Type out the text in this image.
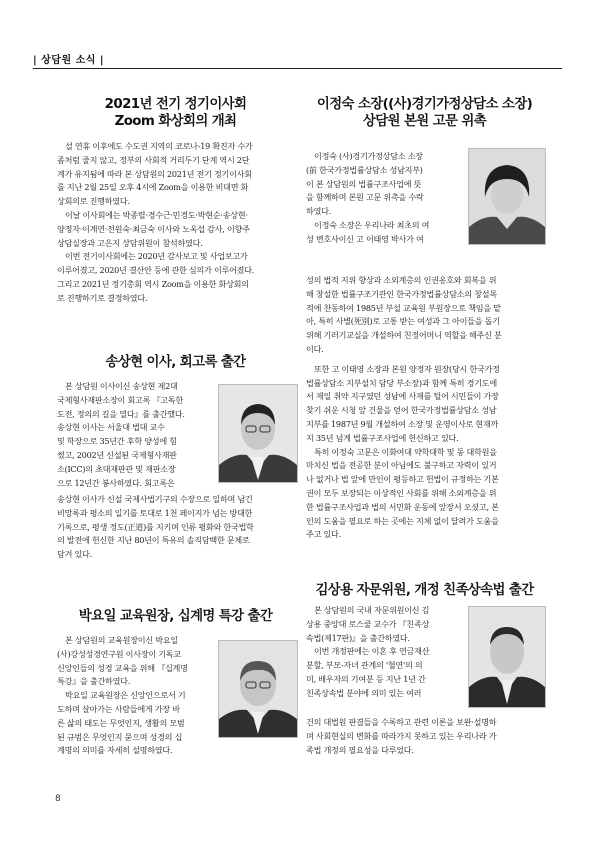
| 상담원 소식 |
2021년 전기 정기이사회
Zoom 화상회의 개최
설 연휴 이후에도 수도권 지역의 코로나-19 확진자 수가
좀처럼 줄지 않고, 정부의 사회적 거리두기 단계 역시 2단
계가 유지됨에 따라 본 상담원의 2021년 전기 정기이사회
를 지난 2월 25일 오후 4시에 Zoom을 이용한 비대면 화
상회의로 진행하였다.
이날 이사회에는 박종렬·경수근·민경도·박현순·송상현·
양정자·이계연·전원숙·최금숙 이사와 노옥섭 감사, 이향주
상담실장과 고은지 상담위원이 참석하였다.
이번 전기이사회에는 2020년 감사보고 및 사업보고가
이루어졌고, 2020년 결산안 등에 관한 심의가 이루어졌다.
그리고 2021년 정기총회 역시 Zoom을 이용한 화상회의
로 진행하기로 결정하였다.
송상현 이사, 회고록 출간
본 상담원 이사이신 송상현 제2대
국제형사재판소장이 회고록 『고독한
도전, 정의의 길을 열다』를 출간했다.
송상현 이사는 서울대 법대 교수
및 학장으로 35년간 후학 양성에 힘
썼고, 2002년 신설된 국제형사재판
소(ICC)의 초대재판관 및 재판소장
으로 12년간 봉사하였다. 회고록은
송상현 이사가 신설 국제사법기구의 수장으로 일하며 남긴
비망록과 평소의 일기를 토대로 1천 페이지가 넘는 방대한
기록으로, 평생 정도(正道)를 지키며 인류 평화와 한국법학
의 발전에 헌신한 지난 80년이 특유의 솔직담백한 문체로
담겨 있다.
박요일 교육원장, 십계명 특강 출간
본 상담원의 교육원장이신 박요일
(사)강성성경연구원 이사장이 기독교
신앙인들의 성경 교육을 위해 『십계명
특강』을 출간하였다.
박요일 교육원장은 신앙인으로서 기
도하며 살아가는 사람들에게 가장 바
른 삶의 태도는 무엇인지, 생활의 모범
된 규범은 무엇인지 묻으며 성경의 십
계명의 의미를 자세히 설명하였다.
이정숙 소장((사)경기가정상담소 소장)
상담원 본원 고문 위촉
이정숙 (사)경기가정상담소 소장
(前 한국가정법률상담소 성남지부)
이 본 상담원의 법률구조사업에 뜻
을 함께하며 본원 고문 위촉을 수락
하였다.
이정숙 소장은 우리나라 최초의 여
성 변호사이신 고 이태영 박사가 여
성의 법적 지위 향상과 소외계층의 인권옹호와 회복을 위
해 창설한 법률구조기관인 한국가정법률상담소의 창설목
적에 찬동하여 1985년 부설 교육원 부원장으로 책임을 맡
아, 특히 사별(死別)로 고통 받는 여성과 그 아이들을 돕기
위해 기러기교실을 개설하여 친정어머니 역할을 해주신 분
이다.
또한 고 이태영 소장과 본원 양정자 원장(당시 한국가정
법률상담소 지부설치 담당 부소장)과 함께 특히 경기도에
서 제일 취약 지구였던 성남에 사재를 털어 시민들이 가장
찾기 쉬운 시청 앞 건물을 얻어 한국가정법률상담소 성남
지부를 1987년 9월 개설하여 소장 및 운영이사로 현재까
지 35년 넘게 법률구조사업에 헌신하고 있다.
특히 이정숙 고문은 이화여대 약학대학 및 동 대학원을
마치신 법을 전공한 분이 아님에도 불구하고 자력이 있거
나 없거나 법 앞에 만인이 평등하고 헌법이 규정하는 기본
권이 모두 보장되는 이상적인 사회를 위해 소외계층을 위
한 법률구조사업과 법의 서민화 운동에 앞장서 오셨고, 본
인의 도움을 필요로 하는 곳에는 지체 없이 달려가 도움을
주고 있다.
김상용 자문위원, 개정 친족상속법 출간
본 상담원의 국내 자문위원이신 김
상용 중앙대 로스쿨 교수가 『친족상
속법(제17판)』을 출간하였다.
이번 개정판에는 이혼 후 연금재산
분할, 부모-자녀 관계의 '혈연'의 의
미, 배우자의 기여분 등 지난 1년 간
친족상속법 분야에 의미 있는 여러
건의 대법원 판결들을 수록하고 관련 이론을 보완·설명하
며 사회현실의 변화를 따라가지 못하고 있는 우리나라 가
족법 개정의 필요성을 다루었다.
8
